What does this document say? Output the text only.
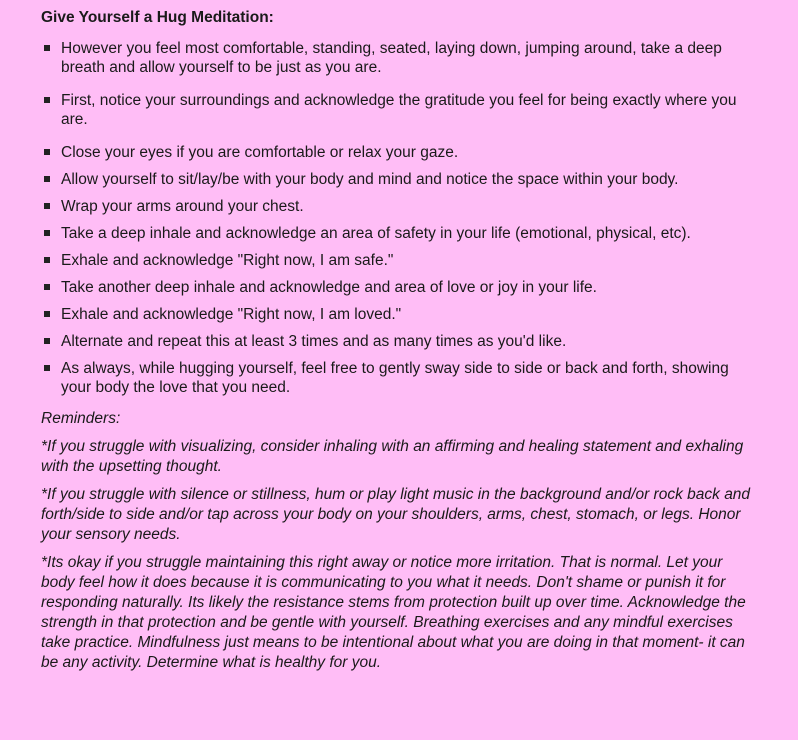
Give Yourself a Hug Meditation:
However you feel most comfortable, standing, seated, laying down, jumping around, take a deep breath and allow yourself to be just as you are.
First, notice your surroundings and acknowledge the gratitude you feel for being exactly where you are.
Close your eyes if you are comfortable or relax your gaze.
Allow yourself to sit/lay/be with your body and mind and notice the space within your body.
Wrap your arms around your chest.
Take a deep inhale and acknowledge an area of safety in your life (emotional, physical, etc).
Exhale and acknowledge "Right now, I am safe."
Take another deep inhale and acknowledge and area of love or joy in your life.
Exhale and acknowledge "Right now, I am loved."
Alternate and repeat this at least 3 times and as many times as you'd like.
As always, while hugging yourself, feel free to gently sway side to side or back and forth, showing your body the love that you need.

Reminders:

*If you struggle with visualizing, consider inhaling with an affirming and healing statement and exhaling with the upsetting thought.

*If you struggle with silence or stillness, hum or play light music in the background and/or rock back and forth/side to side and/or tap across your body on your shoulders, arms, chest, stomach, or legs. Honor your sensory needs.

*Its okay if you struggle maintaining this right away or notice more irritation. That is normal. Let your body feel how it does because it is communicating to you what it needs. Don't shame or punish it for responding naturally. Its likely the resistance stems from protection built up over time. Acknowledge the strength in that protection and be gentle with yourself. Breathing exercises and any mindful exercises take practice. Mindfulness just means to be intentional about what you are doing in that moment- it can be any activity. Determine what is healthy for you.
